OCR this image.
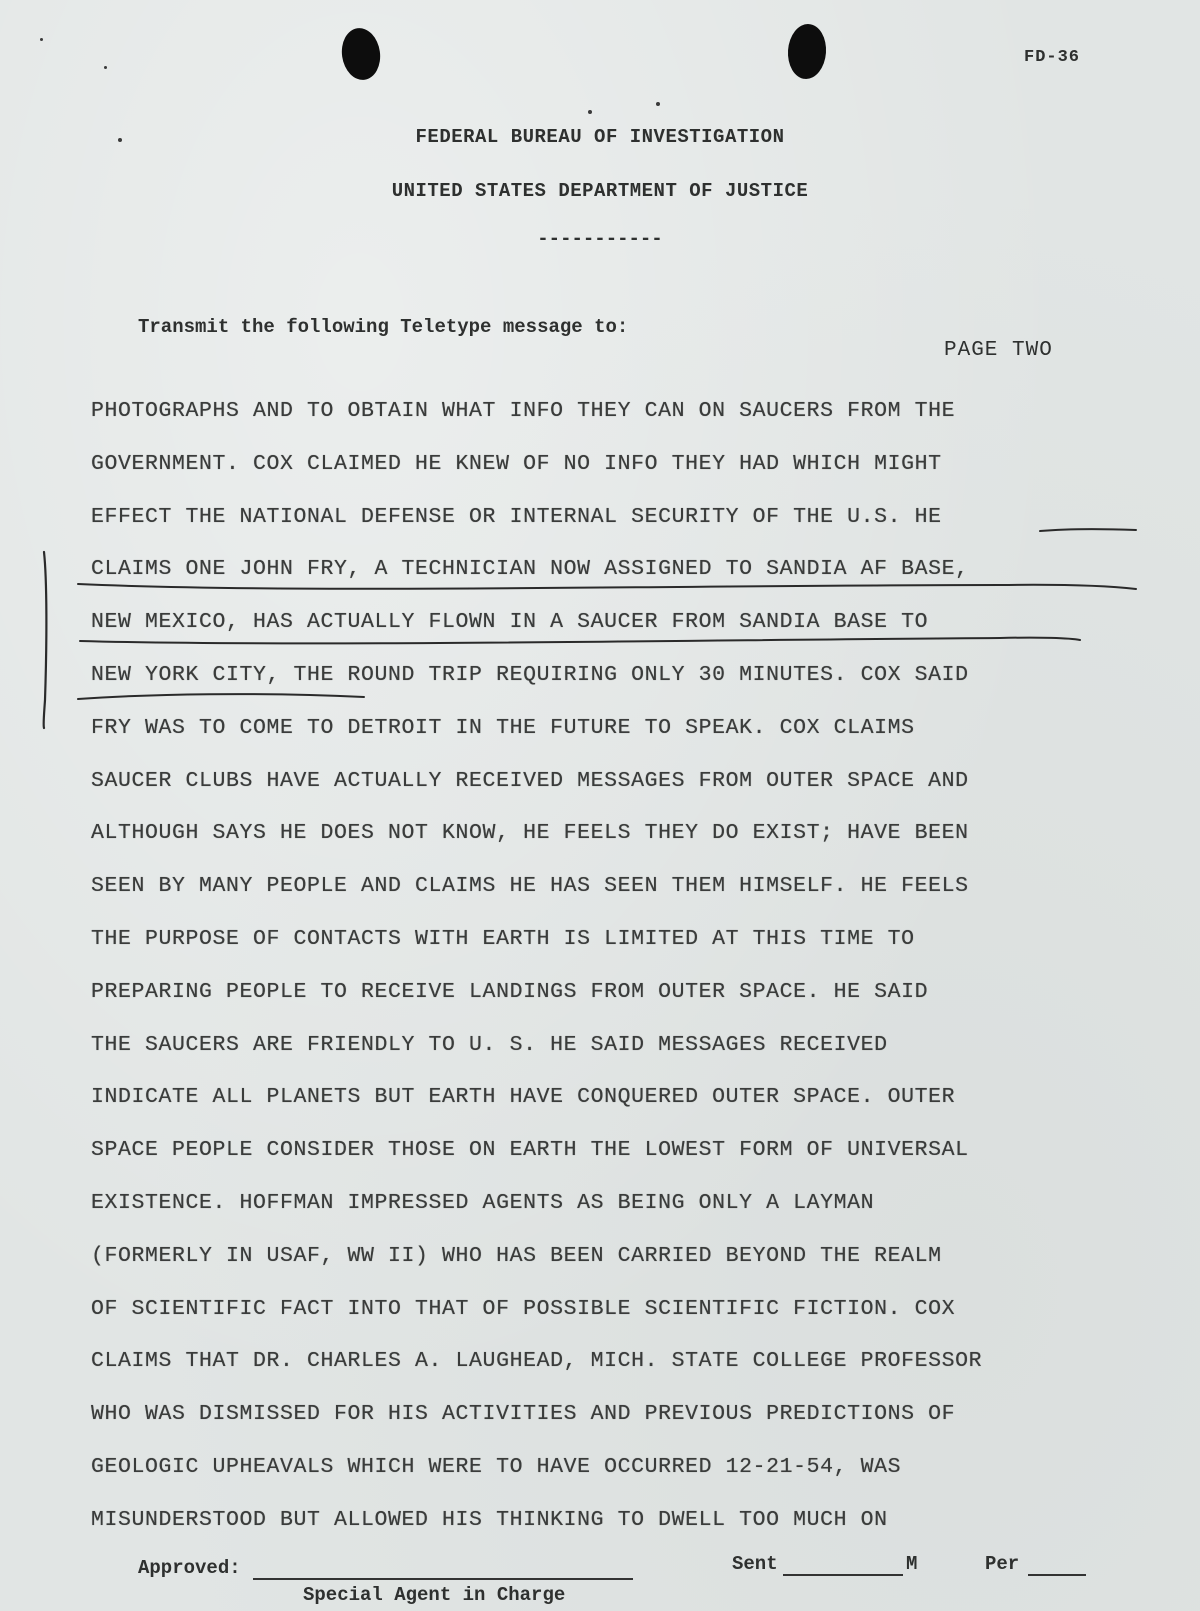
FD-36
FEDERAL BUREAU OF INVESTIGATION
UNITED STATES DEPARTMENT OF JUSTICE
-----------
Transmit the following Teletype message to:
PAGE TWO
PHOTOGRAPHS AND TO OBTAIN WHAT INFO THEY CAN ON SAUCERS FROM THE
GOVERNMENT. COX CLAIMED HE KNEW OF NO INFO THEY HAD WHICH MIGHT
EFFECT THE NATIONAL DEFENSE OR INTERNAL SECURITY OF THE U.S. HE
CLAIMS ONE JOHN FRY, A TECHNICIAN NOW ASSIGNED TO SANDIA AF BASE,
NEW MEXICO, HAS ACTUALLY FLOWN IN A SAUCER FROM SANDIA BASE TO
NEW YORK CITY, THE ROUND TRIP REQUIRING ONLY 30 MINUTES. COX SAID
FRY WAS TO COME TO DETROIT IN THE FUTURE TO SPEAK. COX CLAIMS
SAUCER CLUBS HAVE ACTUALLY RECEIVED MESSAGES FROM OUTER SPACE AND
ALTHOUGH SAYS HE DOES NOT KNOW, HE FEELS THEY DO EXIST; HAVE BEEN
SEEN BY MANY PEOPLE AND CLAIMS HE HAS SEEN THEM HIMSELF. HE FEELS
THE PURPOSE OF CONTACTS WITH EARTH IS LIMITED AT THIS TIME TO
PREPARING PEOPLE TO RECEIVE LANDINGS FROM OUTER SPACE. HE SAID
THE SAUCERS ARE FRIENDLY TO U. S. HE SAID MESSAGES RECEIVED
INDICATE ALL PLANETS BUT EARTH HAVE CONQUERED OUTER SPACE. OUTER
SPACE PEOPLE CONSIDER THOSE ON EARTH THE LOWEST FORM OF UNIVERSAL
EXISTENCE. HOFFMAN IMPRESSED AGENTS AS BEING ONLY A LAYMAN
(FORMERLY IN USAF, WW II) WHO HAS BEEN CARRIED BEYOND THE REALM
OF SCIENTIFIC FACT INTO THAT OF POSSIBLE SCIENTIFIC FICTION. COX
CLAIMS THAT DR. CHARLES A. LAUGHEAD, MICH. STATE COLLEGE PROFESSOR
WHO WAS DISMISSED FOR HIS ACTIVITIES AND PREVIOUS PREDICTIONS OF
GEOLOGIC UPHEAVALS WHICH WERE TO HAVE OCCURRED 12-21-54, WAS
MISUNDERSTOOD BUT ALLOWED HIS THINKING TO DWELL TOO MUCH ON
Approved:	Sent	M	Per
Special Agent in Charge
